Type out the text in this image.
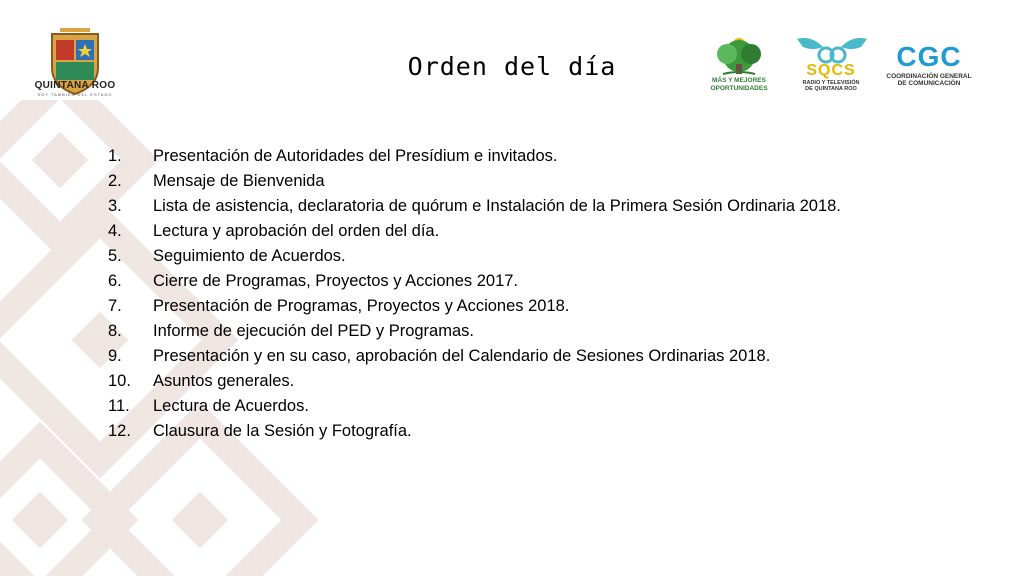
QUINTANA ROO
SOY TAMBIÉN DEL ESTADO
Orden del día	MÁS Y MEJORES
OPORTUNIDADES
SQCS
RADIO Y TELEVISIÓN
DE QUINTANA ROO
CGC
COORDINACIÓN GENERAL
DE COMUNICACIÓN
1.	Presentación de Autoridades del Presídium e invitados.
2.	Mensaje de Bienvenida
3.	Lista de asistencia, declaratoria de quórum e Instalación de la Primera Sesión Ordinaria 2018.
4.	Lectura y aprobación del orden del día.
5.	Seguimiento de Acuerdos.
6.	Cierre de Programas, Proyectos y Acciones 2017.
7.	Presentación de Programas, Proyectos y Acciones 2018.
8.	Informe de ejecución del PED y Programas.
9.	Presentación y en su caso, aprobación del Calendario de Sesiones Ordinarias 2018.
10.	Asuntos generales.
11.	Lectura de Acuerdos.
12.	Clausura de la Sesión y Fotografía.
